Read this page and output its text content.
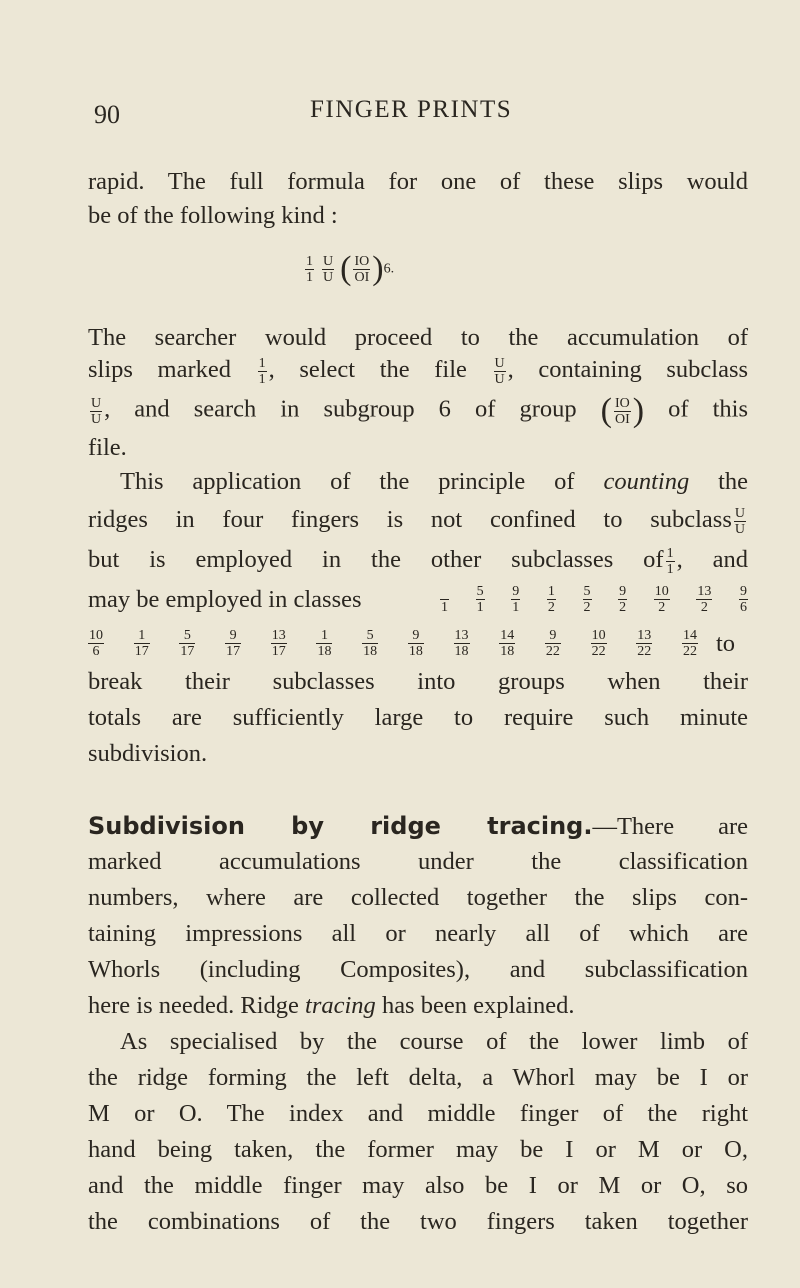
90	FINGER PRINTS
rapid. The full formula for one of these slips would
be of the following kind :
$\frac{1}{1}$
$\frac{U}{U}$ ( $\frac{IO}{OI} )6$.
The searcher would proceed to the accumulation of
slips marked $\frac{1}{1}$ , select the file $\frac{U}{U}$ , containing subclass
$\frac{U}{U}$ , and search in subgroup 6 of group ( $\frac{IO}{OI}$ ) of this
file.
This application of the principle of counting the
ridges in four fingers is not confined to subclass $\frac{U}{U}$
but is employed in the other subclasses of $\frac{1}{1}$ , and
may be employed in classes
	$1 \frac{5}{1} \frac{9}{1} \frac{1}{2} \frac{5}{2} \frac{9}{2} \frac{10}{2} \frac{13}{2} \frac{9}{6}$
$\frac{10}{6} \frac{1}{17} \frac{5}{17} \frac{9}{17} \frac{13}{17} \frac{1}{18} \frac{5}{18} \frac{9}{18} \frac{13}{18} \frac{14}{18} \frac{9}{22} \frac{10}{22} \frac{13}{22} \frac{14}{22}$ to
break their subclasses into groups when their
totals are sufficiently large to require such minute
subdivision.
Subdivision by ridge tracing.—There are
marked accumulations under the classification
numbers, where are collected together the slips con-
taining impressions all or nearly all of which are
Whorls (including Composites), and subclassification
here is needed. Ridge tracing has been explained.
As specialised by the course of the lower limb of
the ridge forming the left delta, a Whorl may be I or
M or O. The index and middle finger of the right
hand being taken, the former may be I or M or O,
and the middle finger may also be I or M or O, so
the combinations of the two fingers taken together
